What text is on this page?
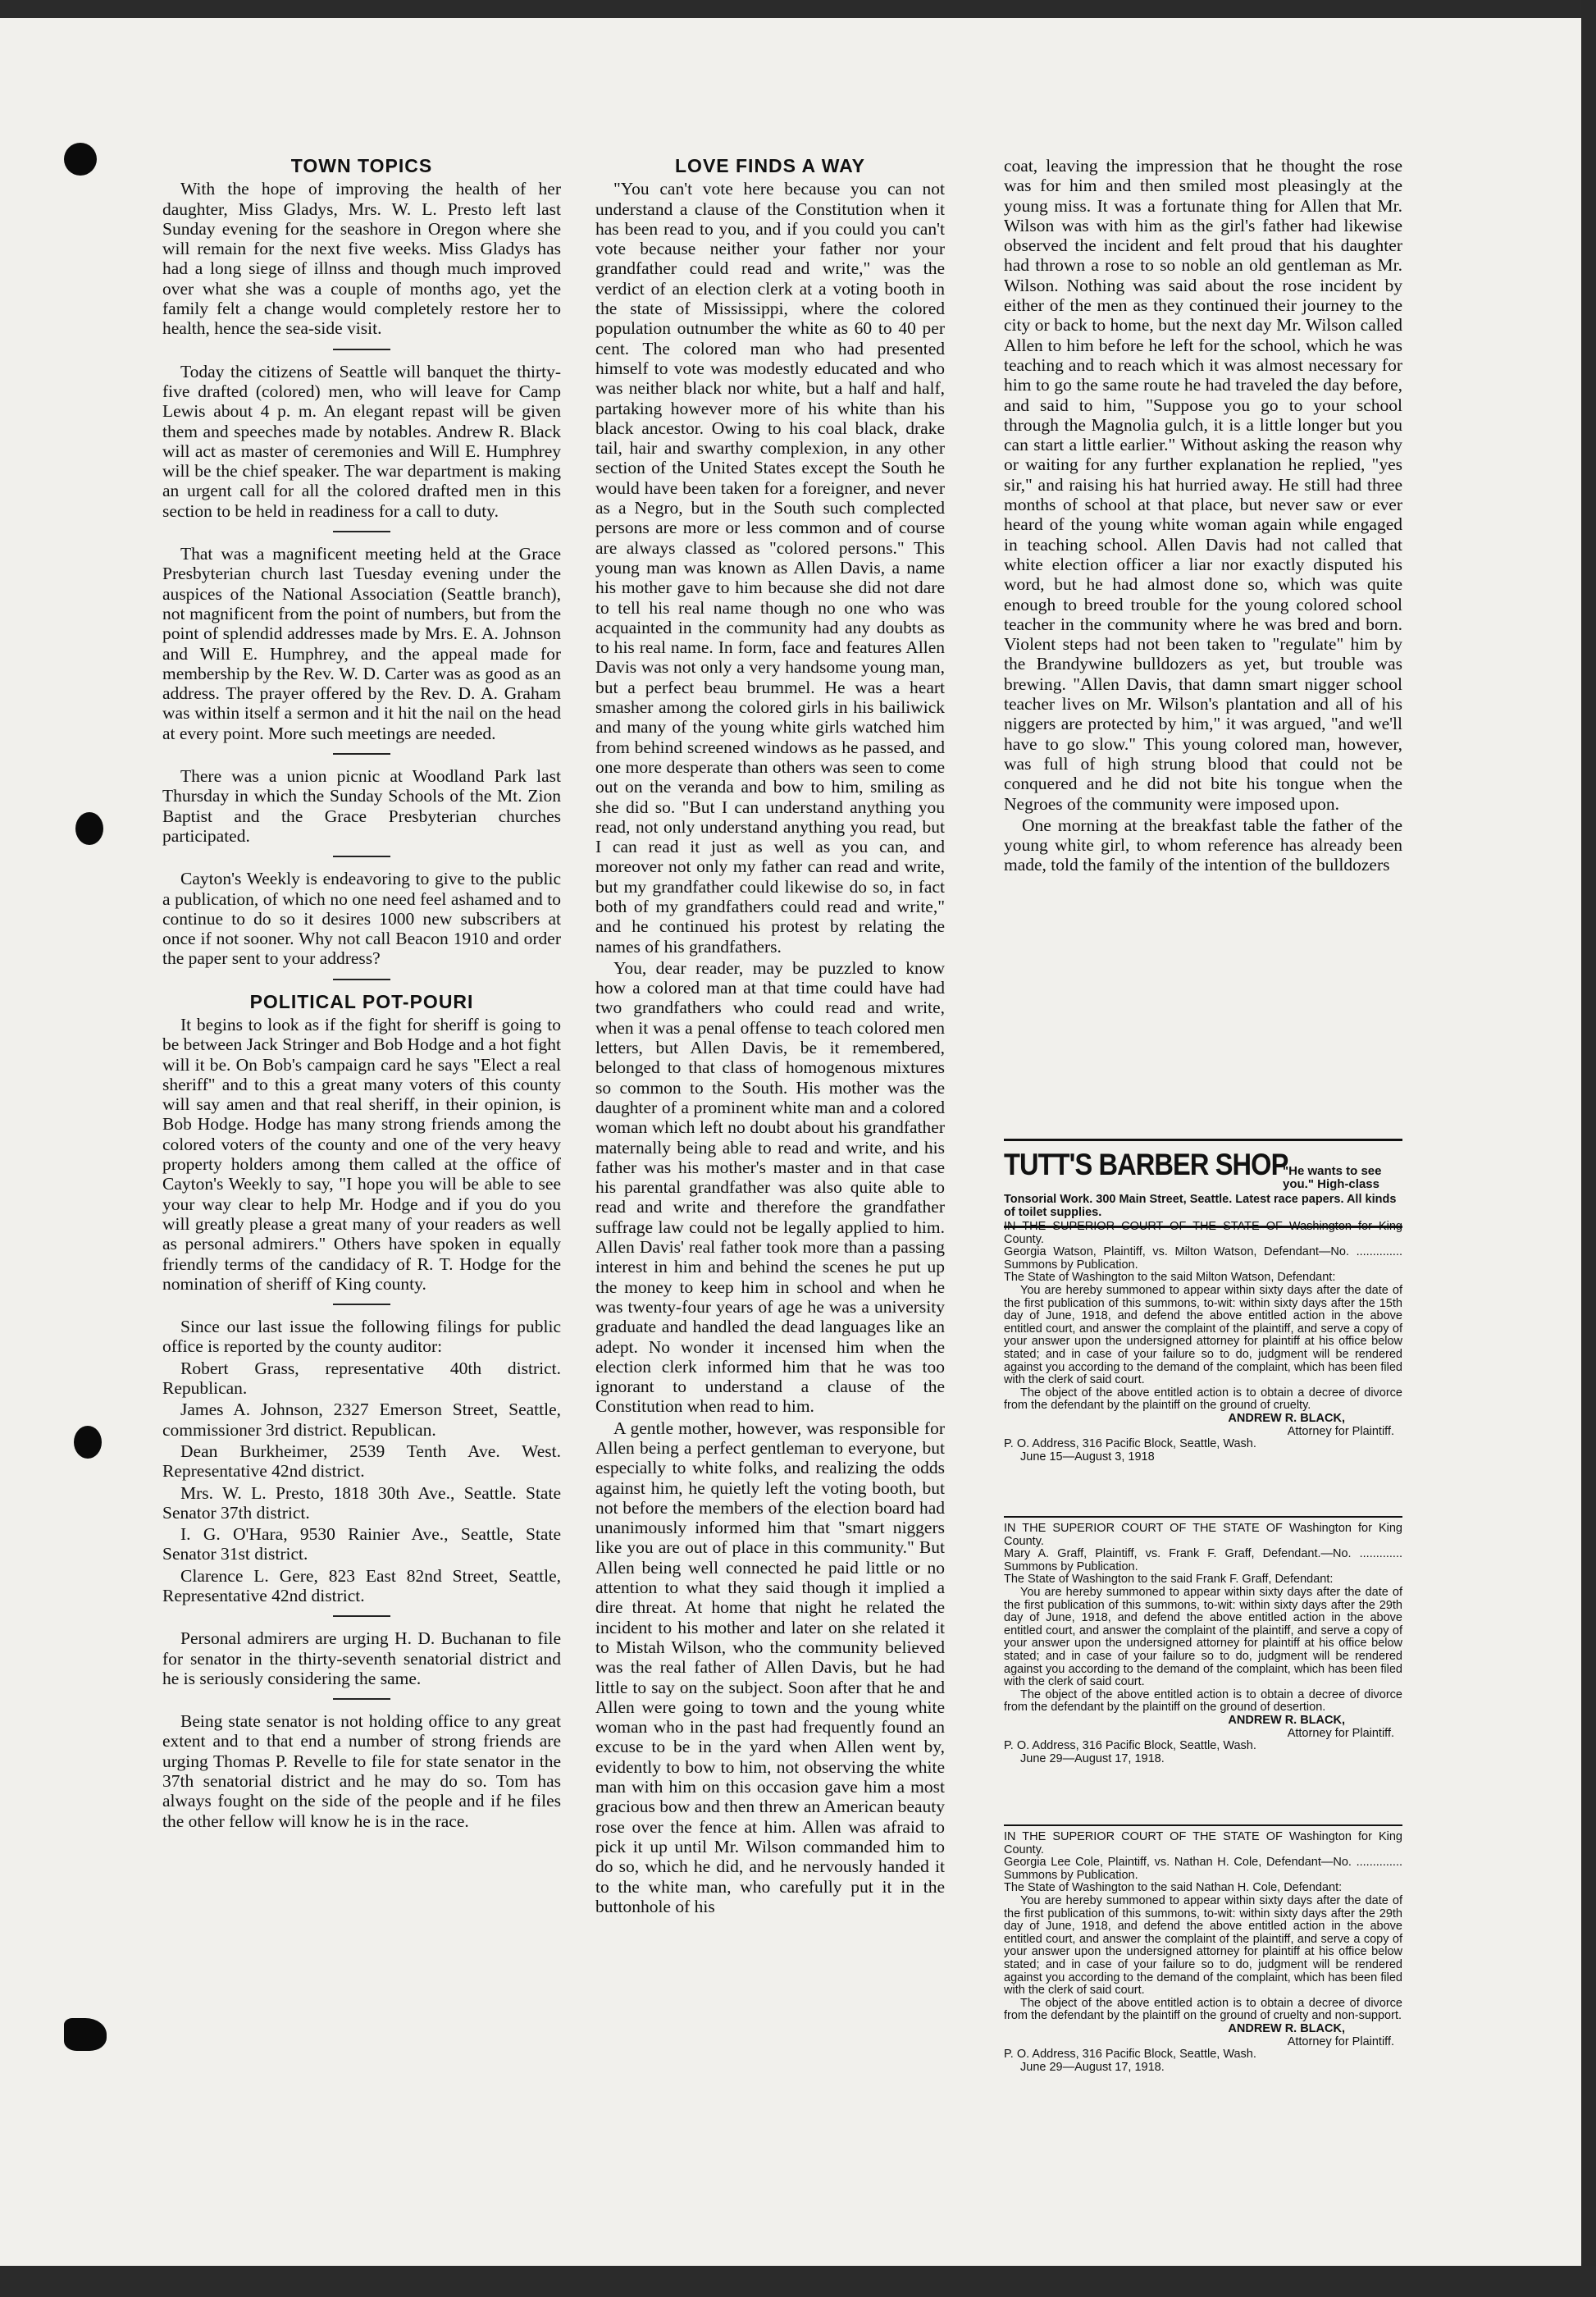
TOWN TOPICS

With the hope of improving the health of her daughter, Miss Gladys, Mrs. W. L. Presto left last Sunday evening for the seashore in Oregon where she will remain for the next five weeks. Miss Gladys has had a long siege of illnss and though much improved over what she was a couple of months ago, yet the family felt a change would completely restore her to health, hence the sea-side visit.

Today the citizens of Seattle will banquet the thirty-five drafted (colored) men, who will leave for Camp Lewis about 4 p. m. An elegant repast will be given them and speeches made by notables. Andrew R. Black will act as master of ceremonies and Will E. Humphrey will be the chief speaker. The war department is making an urgent call for all the colored drafted men in this section to be held in readiness for a call to duty.

That was a magnificent meeting held at the Grace Presbyterian church last Tuesday evening under the auspices of the National Association (Seattle branch), not magnificent from the point of numbers, but from the point of splendid addresses made by Mrs. E. A. Johnson and Will E. Humphrey, and the appeal made for membership by the Rev. W. D. Carter was as good as an address. The prayer offered by the Rev. D. A. Graham was within itself a sermon and it hit the nail on the head at every point. More such meetings are needed.

There was a union picnic at Woodland Park last Thursday in which the Sunday Schools of the Mt. Zion Baptist and the Grace Presbyterian churches participated.

Cayton's Weekly is endeavoring to give to the public a publication, of which no one need feel ashamed and to continue to do so it desires 1000 new subscribers at once if not sooner. Why not call Beacon 1910 and order the paper sent to your address?

POLITICAL POT-POURI

It begins to look as if the fight for sheriff is going to be between Jack Stringer and Bob Hodge and a hot fight will it be. On Bob's campaign card he says "Elect a real sheriff" and to this a great many voters of this county will say amen and that real sheriff, in their opinion, is Bob Hodge. Hodge has many strong friends among the colored voters of the county and one of the very heavy property holders among them called at the office of Cayton's Weekly to say, "I hope you will be able to see your way clear to help Mr. Hodge and if you do you will greatly please a great many of your readers as well as personal admirers." Others have spoken in equally friendly terms of the candidacy of R. T. Hodge for the nomination of sheriff of King county.

Since our last issue the following filings for public office is reported by the county auditor:

Robert Grass, representative 40th district. Republican.

James A. Johnson, 2327 Emerson Street, Seattle, commissioner 3rd district. Republican.

Dean Burkheimer, 2539 Tenth Ave. West. Representative 42nd district.

Mrs. W. L. Presto, 1818 30th Ave., Seattle. State Senator 37th district.

I. G. O'Hara, 9530 Rainier Ave., Seattle, State Senator 31st district.

Clarence L. Gere, 823 East 82nd Street, Seattle, Representative 42nd district.

Personal admirers are urging H. D. Buchanan to file for senator in the thirty-seventh senatorial district and he is seriously considering the same.

Being state senator is not holding office to any great extent and to that end a number of strong friends are urging Thomas P. Revelle to file for state senator in the 37th senatorial district and he may do so. Tom has always fought on the side of the people and if he files the other fellow will know he is in the race.

LOVE FINDS A WAY

"You can't vote here because you can not understand a clause of the Constitution when it has been read to you, and if you could you can't vote because neither your father nor your grandfather could read and write," was the verdict of an election clerk at a voting booth in the state of Mississippi, where the colored population outnumber the white as 60 to 40 per cent. The colored man who had presented himself to vote was modestly educated and who was neither black nor white, but a half and half, partaking however more of his white than his black ancestor. Owing to his coal black, drake tail, hair and swarthy complexion, in any other section of the United States except the South he would have been taken for a foreigner, and never as a Negro, but in the South such complected persons are more or less common and of course are always classed as "colored persons." This young man was known as Allen Davis, a name his mother gave to him because she did not dare to tell his real name though no one who was acquainted in the community had any doubts as to his real name. In form, face and features Allen Davis was not only a very handsome young man, but a perfect beau brummel. He was a heart smasher among the colored girls in his bailiwick and many of the young white girls watched him from behind screened windows as he passed, and one more desperate than others was seen to come out on the veranda and bow to him, smiling as she did so. "But I can understand anything you read, not only understand anything you read, but I can read it just as well as you can, and moreover not only my father can read and write, but my grandfather could likewise do so, in fact both of my grandfathers could read and write," and he continued his protest by relating the names of his grandfathers.

You, dear reader, may be puzzled to know how a colored man at that time could have had two grandfathers who could read and write, when it was a penal offense to teach colored men letters, but Allen Davis, be it remembered, belonged to that class of homogenous mixtures so common to the South. His mother was the daughter of a prominent white man and a colored woman which left no doubt about his grandfather maternally being able to read and write, and his father was his mother's master and in that case his parental grandfather was also quite able to read and write and therefore the grandfather suffrage law could not be legally applied to him. Allen Davis' real father took more than a passing interest in him and behind the scenes he put up the money to keep him in school and when he was twenty-four years of age he was a university graduate and handled the dead languages like an adept. No wonder it incensed him when the election clerk informed him that he was too ignorant to understand a clause of the Constitution when read to him.

A gentle mother, however, was responsible for Allen being a perfect gentleman to everyone, but especially to white folks, and realizing the odds against him, he quietly left the voting booth, but not before the members of the election board had unanimously informed him that "smart niggers like you are out of place in this community." But Allen being well connected he paid little or no attention to what they said though it implied a dire threat. At home that night he related the incident to his mother and later on she related it to Mistah Wilson, who the community believed was the real father of Allen Davis, but he had little to say on the subject. Soon after that he and Allen were going to town and the young white woman who in the past had frequently found an excuse to be in the yard when Allen went by, evidently to bow to him, not observing the white man with him on this occasion gave him a most gracious bow and then threw an American beauty rose over the fence at him. Allen was afraid to pick it up until Mr. Wilson commanded him to do so, which he did, and he nervously handed it to the white man, who carefully put it in the buttonhole of his

coat, leaving the impression that he thought the rose was for him and then smiled most pleasingly at the young miss. It was a fortunate thing for Allen that Mr. Wilson was with him as the girl's father had likewise observed the incident and felt proud that his daughter had thrown a rose to so noble an old gentleman as Mr. Wilson. Nothing was said about the rose incident by either of the men as they continued their journey to the city or back to home, but the next day Mr. Wilson called Allen to him before he left for the school, which he was teaching and to reach which it was almost necessary for him to go the same route he had traveled the day before, and said to him, "Suppose you go to your school through the Magnolia gulch, it is a little longer but you can start a little earlier." Without asking the reason why or waiting for any further explanation he replied, "yes sir," and raising his hat hurried away. He still had three months of school at that place, but never saw or ever heard of the young white woman again while engaged in teaching school. Allen Davis had not called that white election officer a liar nor exactly disputed his word, but he had almost done so, which was quite enough to breed trouble for the young colored school teacher in the community where he was bred and born. Violent steps had not been taken to "regulate" him by the Brandywine bulldozers as yet, but trouble was brewing. "Allen Davis, that damn smart nigger school teacher lives on Mr. Wilson's plantation and all of his niggers are protected by him," it was argued, "and we'll have to go slow." This young colored man, however, was full of high strung blood that could not be conquered and he did not bite his tongue when the Negroes of the community were imposed upon.

One morning at the breakfast table the father of the young white girl, to whom reference has already been made, told the family of the intention of the bulldozers

TUTT'S BARBER SHOP
"He wants to see you." High-class
Tonsorial Work. 300 Main Street, Seattle. Latest race papers. All kinds of toilet supplies.

IN THE SUPERIOR COURT OF THE STATE OF Washington for King County.

Georgia Watson, Plaintiff, vs. Milton Watson, Defendant—No. .............. Summons by Publication.

The State of Washington to the said Milton Watson, Defendant:

You are hereby summoned to appear within sixty days after the date of the first publication of this summons, to-wit: within sixty days after the 15th day of June, 1918, and defend the above entitled action in the above entitled court, and answer the complaint of the plaintiff, and serve a copy of your answer upon the undersigned attorney for plaintiff at his office below stated; and in case of your failure so to do, judgment will be rendered against you according to the demand of the complaint, which has been filed with the clerk of said court.

The object of the above entitled action is to obtain a decree of divorce from the defendant by the plaintiff on the ground of cruelty.

ANDREW R. BLACK,

Attorney for Plaintiff.

P. O. Address, 316 Pacific Block, Seattle, Wash.

June 15—August 3, 1918

IN THE SUPERIOR COURT OF THE STATE OF Washington for King County.

Mary A. Graff, Plaintiff, vs. Frank F. Graff, Defendant.—No. ............. Summons by Publication.

The State of Washington to the said Frank F. Graff, Defendant:

You are hereby summoned to appear within sixty days after the date of the first publication of this summons, to-wit: within sixty days after the 29th day of June, 1918, and defend the above entitled action in the above entitled court, and answer the complaint of the plaintiff, and serve a copy of your answer upon the undersigned attorney for plaintiff at his office below stated; and in case of your failure so to do, judgment will be rendered against you according to the demand of the complaint, which has been filed with the clerk of said court.

The object of the above entitled action is to obtain a decree of divorce from the defendant by the plaintiff on the ground of desertion.

ANDREW R. BLACK,

Attorney for Plaintiff.

P. O. Address, 316 Pacific Block, Seattle, Wash.

June 29—August 17, 1918.

IN THE SUPERIOR COURT OF THE STATE OF Washington for King County.

Georgia Lee Cole, Plaintiff, vs. Nathan H. Cole, Defendant—No. .............. Summons by Publication.

The State of Washington to the said Nathan H. Cole, Defendant:

You are hereby summoned to appear within sixty days after the date of the first publication of this summons, to-wit: within sixty days after the 29th day of June, 1918, and defend the above entitled action in the above entitled court, and answer the complaint of the plaintiff, and serve a copy of your answer upon the undersigned attorney for plaintiff at his office below stated; and in case of your failure so to do, judgment will be rendered against you according to the demand of the complaint, which has been filed with the clerk of said court.

The object of the above entitled action is to obtain a decree of divorce from the defendant by the plaintiff on the ground of cruelty and non-support.

ANDREW R. BLACK,

Attorney for Plaintiff.

P. O. Address, 316 Pacific Block, Seattle, Wash.

June 29—August 17, 1918.
